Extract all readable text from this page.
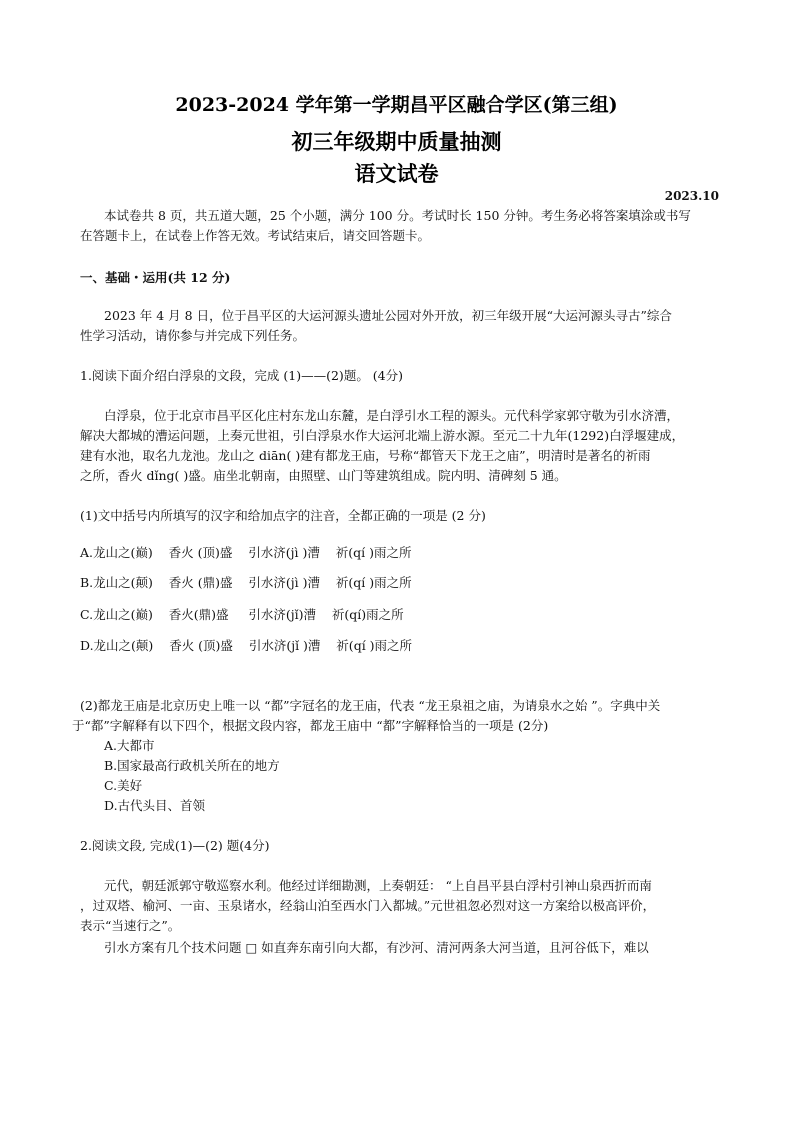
2023-2024 学年第一学期昌平区融合学区(第三组)
初三年级期中质量抽测
语文试卷
2023.10
本试卷共 8 页，共五道大题，25 个小题，满分 100 分。考试时长 150 分钟。考生务必将答案填涂或书写
在答题卡上，在试卷上作答无效。考试结束后，请交回答题卡。
一、基础・运用(共 12 分)
2023 年 4 月 8 日，位于昌平区的大运河源头遗址公园对外开放，初三年级开展“大运河源头寻古”综合
性学习活动，请你参与并完成下列任务。
1.阅读下面介绍白浮泉的文段，完成 (1)——(2)题。 (4分)
白浮泉，位于北京市昌平区化庄村东龙山东麓，是白浮引水工程的源头。元代科学家郭守敬为引水济漕，
解决大都城的漕运问题，上奏元世祖，引白浮泉水作大运河北端上游水源。至元二十九年(1292)白浮堰建成，
建有水池，取名九龙池。龙山之 diān( )建有都龙王庙，号称“都管天下龙王之庙”，明清时是著名的祈雨
之所，香火 dǐng( )盛。庙坐北朝南，由照壁、山门等建筑组成。院内明、清碑刻 5 通。
(1)文中括号内所填写的汉字和给加点字的注音，全都正确的一项是 (2 分)
A.龙山之(巅)    香火 (顶)盛    引水济(jì )漕    祈(qí )雨之所
B.龙山之(颠)    香火 (鼎)盛    引水济(jì )漕    祈(qí )雨之所
C.龙山之(巅)    香火(鼎)盛     引水济(jǐ)漕    祈(qí)雨之所
D.龙山之(颠)    香火 (顶)盛    引水济(jǐ )漕    祈(qí )雨之所
(2)都龙王庙是北京历史上唯一以 “都”字冠名的龙王庙，代表 “龙王泉祖之庙，为请泉水之始 ”。字典中关
于“都”字解释有以下四个，根据文段内容，都龙王庙中 “都”字解释恰当的一项是 (2分)
A.大都市
B.国家最高行政机关所在的地方
C.美好
D.古代头目、首领
2.阅读文段, 完成(1)—(2) 题(4分)
元代，朝廷派郭守敬巡察水利。他经过详细勘测，上奏朝廷： “上自昌平县白浮村引神山泉西折而南
，过双塔、榆河、一亩、玉泉诸水，经翁山泊至西水门入都城。”元世祖忽必烈对这一方案给以极高评价，
表示“当速行之”。
引水方案有几个技术问题 □ 如直奔东南引向大都，有沙河、清河两条大河当道，且河谷低下，难以
